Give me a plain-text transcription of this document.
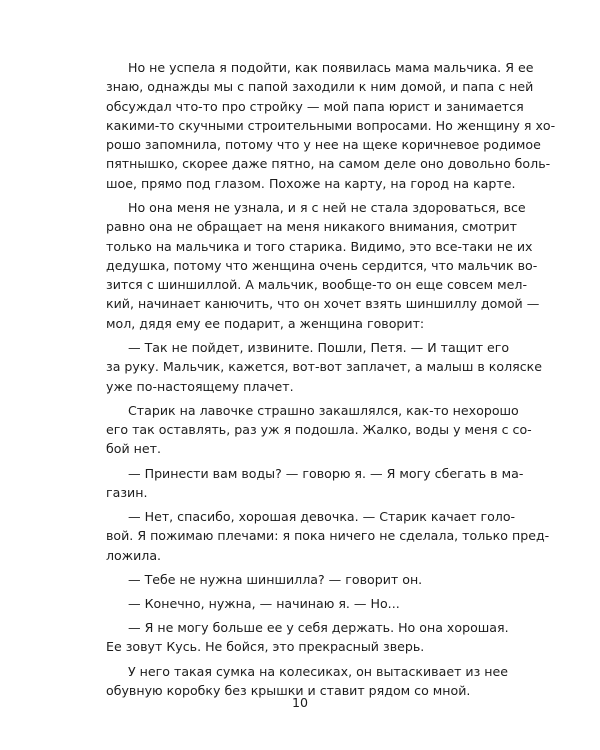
Но не успела я подойти, как появилась мама мальчика. Я ее
знаю, однажды мы с папой заходили к ним домой, и папа с ней
обсуждал что-то про стройку — мой папа юрист и занимается
какими-то скучными строительными вопросами. Но женщину я хо-
рошо запомнила, потому что у нее на щеке коричневое родимое
пятнышко, скорее даже пятно, на самом деле оно довольно боль-
шое, прямо под глазом. Похоже на карту, на город на карте.

Но она меня не узнала, и я с ней не стала здороваться, все
равно она не обращает на меня никакого внимания, смотрит
только на мальчика и того старика. Видимо, это все-таки не их
дедушка, потому что женщина очень сердится, что мальчик во-
зится с шиншиллой. А мальчик, вообще-то он еще совсем мел-
кий, начинает канючить, что он хочет взять шиншиллу домой —
мол, дядя ему ее подарит, а женщина говорит:

— Так не пойдет, извините. Пошли, Петя. — И тащит его
за руку. Мальчик, кажется, вот-вот заплачет, а малыш в коляске
уже по-настоящему плачет.

Старик на лавочке страшно закашлялся, как-то нехорошо
его так оставлять, раз уж я подошла. Жалко, воды у меня с со-
бой нет.

— Принести вам воды? — говорю я. — Я могу сбегать в ма-
газин.

— Нет, спасибо, хорошая девочка. — Старик качает голо-
вой. Я пожимаю плечами: я пока ничего не сделала, только пред-
ложила.

— Тебе не нужна шиншилла? — говорит он.

— Конечно, нужна, — начинаю я. — Но...

— Я не могу больше ее у себя держать. Но она хорошая.
Ее зовут Кусь. Не бойся, это прекрасный зверь.

У него такая сумка на колесиках, он вытаскивает из нее
обувную коробку без крышки и ставит рядом со мной.

10
